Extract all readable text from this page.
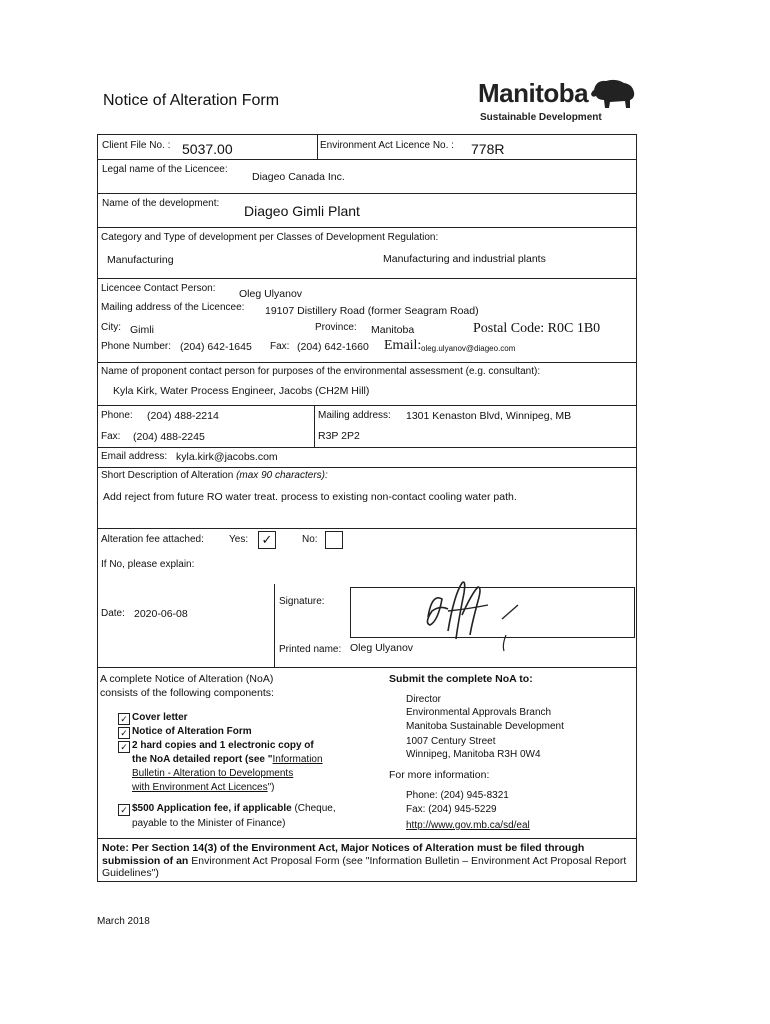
Notice of Alteration Form	Manitoba
Sustainable Development
Client File No. : 5037.00	Environment Act Licence No. : 778R
Legal name of the Licencee:
Diageo Canada Inc.
Name of the development: Diageo Gimli Plant
Category and Type of development per Classes of Development Regulation:
Manufacturing	Manufacturing and industrial plants
Licencee Contact Person: Oleg Ulyanov
Mailing address of the Licencee: 19107 Distillery Road (former Seagram Road)
City: Gimli	Province: Manitoba	Postal Code: R0C 1B0
Phone Number: (204) 642-1645 Fax: (204) 642-1660 Email: oleg.ulyanov@diageo.com
Name of proponent contact person for purposes of the environmental assessment (e.g. consultant):
Kyla Kirk, Water Process Engineer, Jacobs (CH2M Hill)
Phone: (204) 488-2214
Fax: (204) 488-2245
Mailing address: 1301 Kenaston Blvd, Winnipeg, MB
R3P 2P2
Email address: kyla.kirk@jacobs.com
Short Description of Alteration (max 90 characters):
Add reject from future RO water treat. process to existing non-contact cooling water path.
Alteration fee attached:	Yes: ✓	No:
If No, please explain:
Date: 2020-06-08
Signature:
Printed name: Oleg Ulyanov
A complete Notice of Alteration (NoA)
consists of the following components:
✓ Cover letter
✓ Notice of Alteration Form
✓ 2 hard copies and 1 electronic copy of
the NoA detailed report (see "Information
Bulletin - Alteration to Developments
with Environment Act Licences")
✓ $500 Application fee, if applicable (Cheque,
payable to the Minister of Finance)
Submit the complete NoA to:
Director
Environmental Approvals Branch
Manitoba Sustainable Development
1007 Century Street
Winnipeg, Manitoba R3H 0W4
For more information:
Phone: (204) 945-8321
Fax: (204) 945-5229
http://www.gov.mb.ca/sd/eal
Note: Per Section 14(3) of the Environment Act, Major Notices of Alteration must be filed through submission of an Environment Act Proposal Form (see "Information Bulletin – Environment Act Proposal Report Guidelines")
March 2018
